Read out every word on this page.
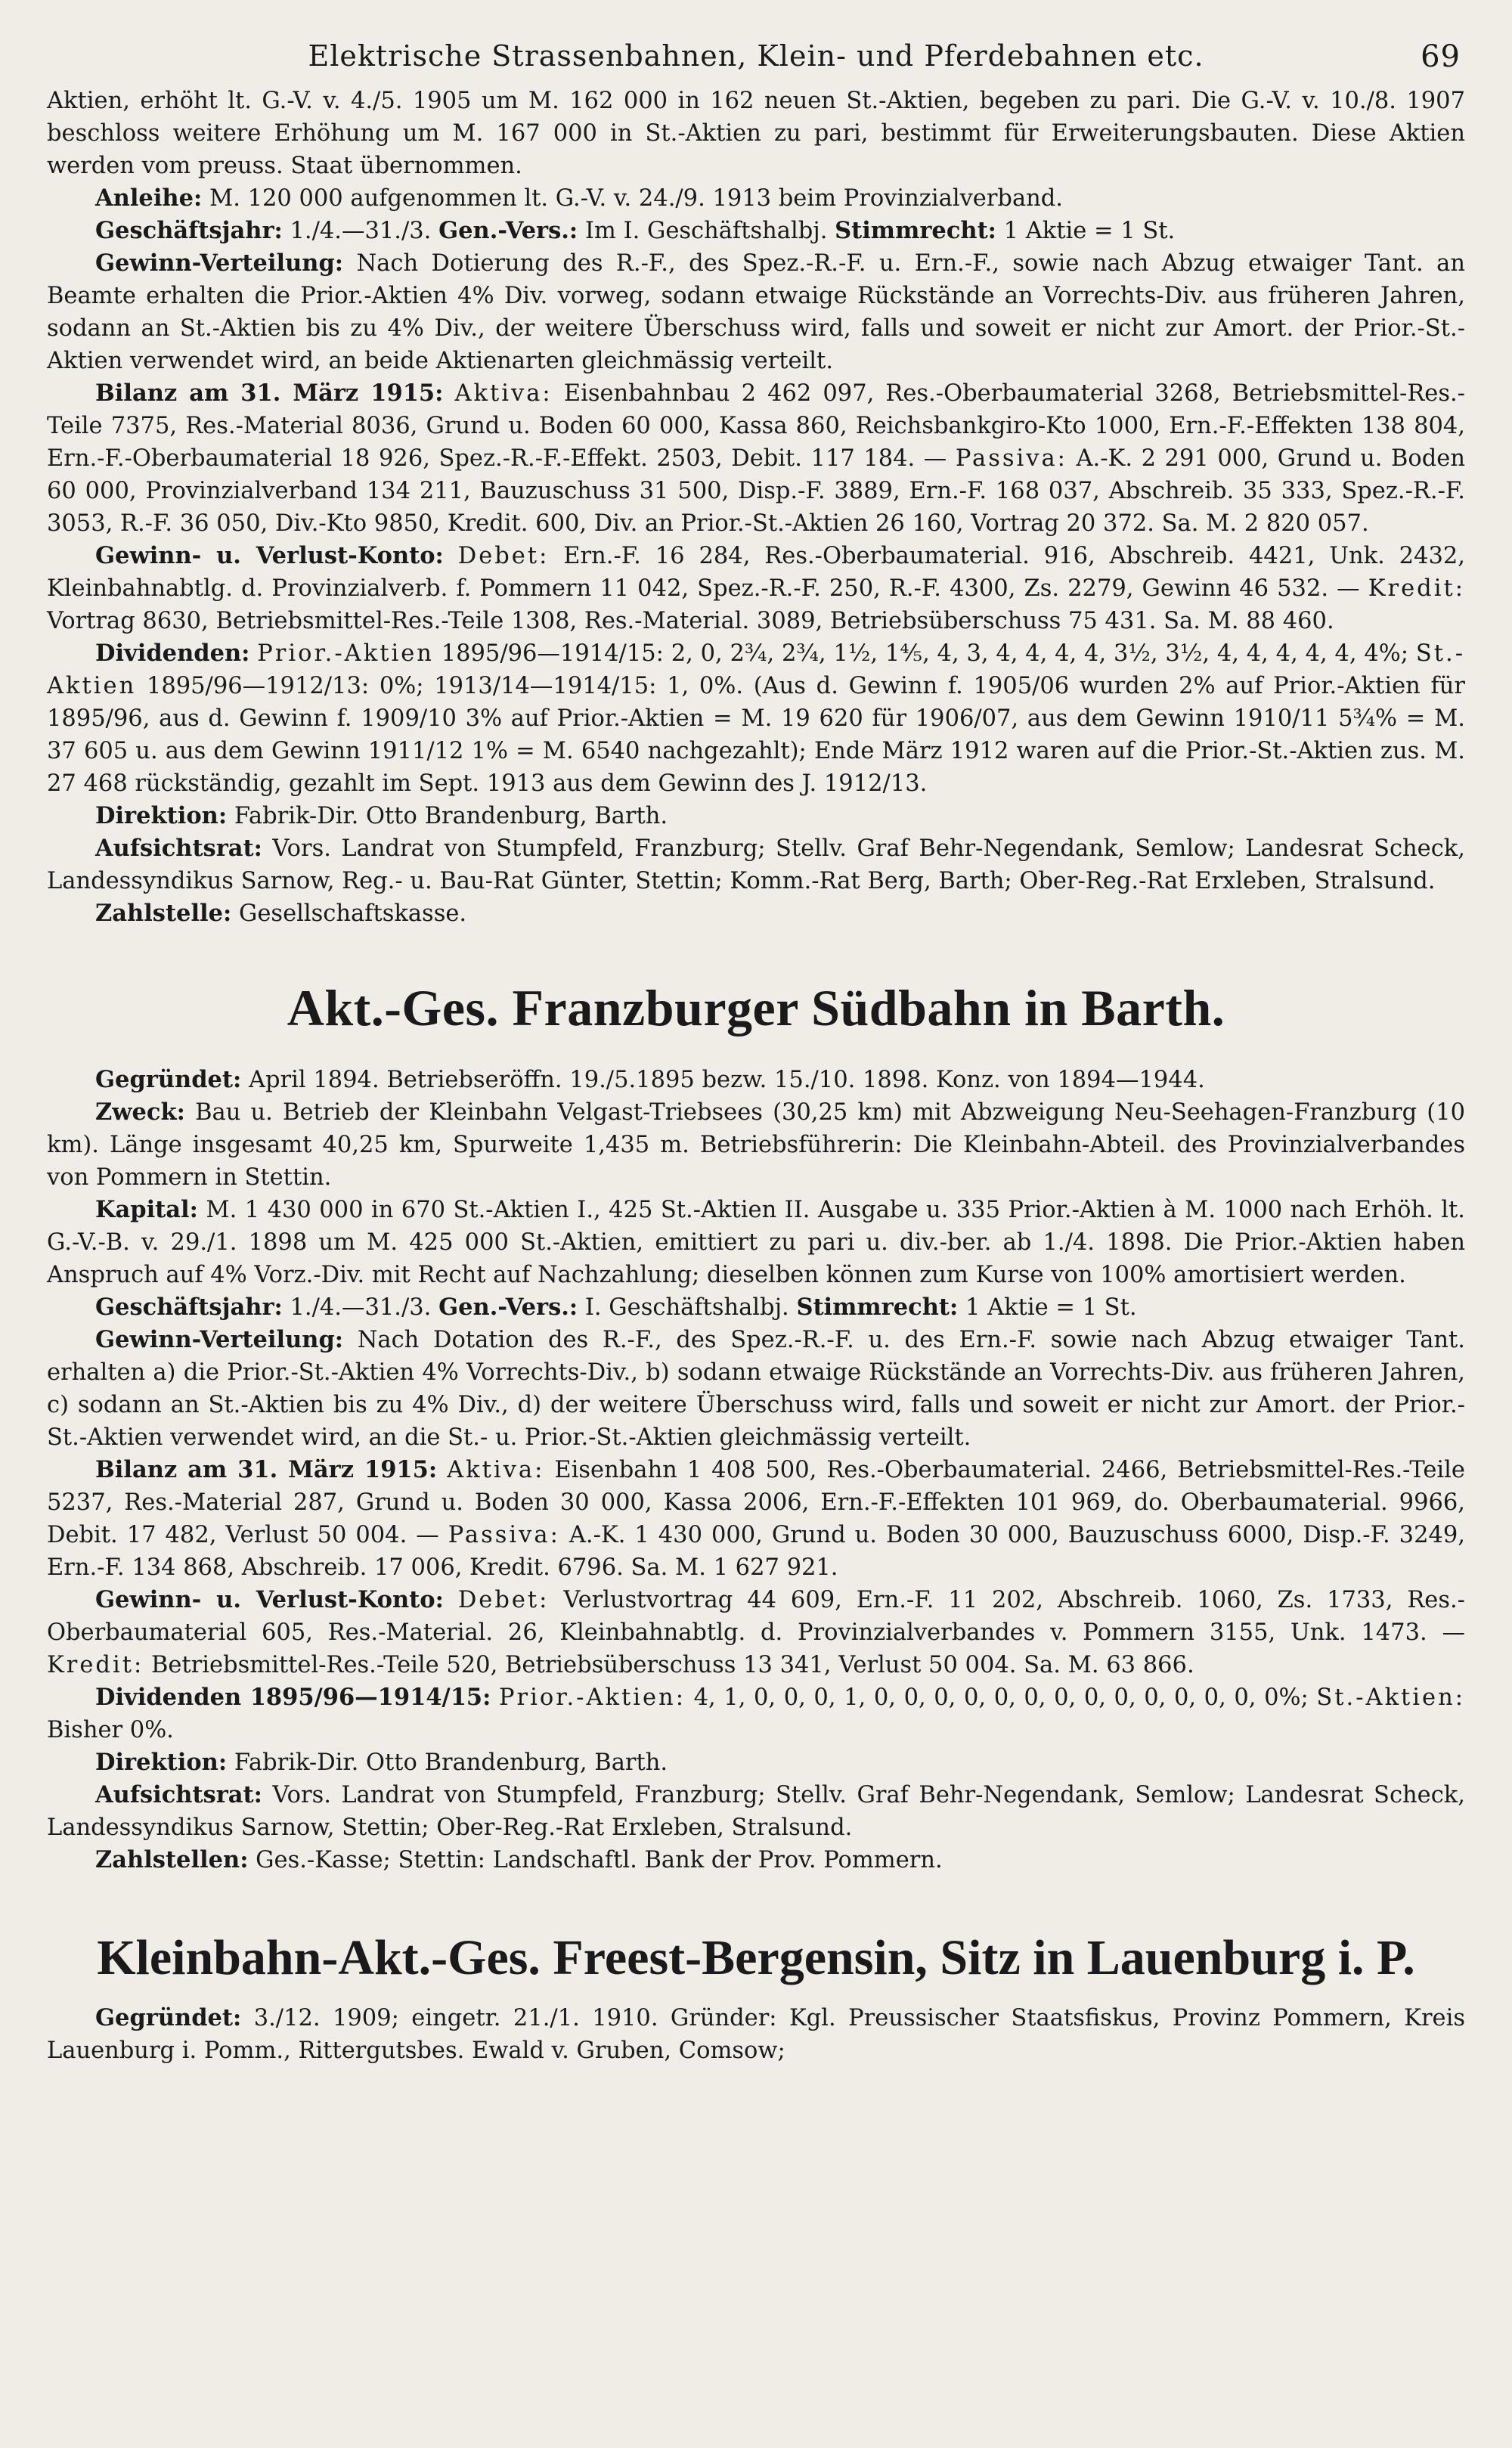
Elektrische Strassenbahnen, Klein- und Pferdebahnen etc.	69

Aktien, erhöht lt. G.-V. v. 4./5. 1905 um M. 162 000 in 162 neuen St.-Aktien, begeben zu pari. Die G.-V. v. 10./8. 1907 beschloss weitere Erhöhung um M. 167 000 in St.-Aktien zu pari, bestimmt für Erweiterungsbauten. Diese Aktien werden vom preuss. Staat übernommen.

Anleihe: M. 120 000 aufgenommen lt. G.-V. v. 24./9. 1913 beim Provinzialverband.

Geschäftsjahr: 1./4.—31./3. Gen.-Vers.: Im I. Geschäftshalbj. Stimmrecht: 1 Aktie = 1 St.

Gewinn-Verteilung: Nach Dotierung des R.-F., des Spez.-R.-F. u. Ern.-F., sowie nach Abzug etwaiger Tant. an Beamte erhalten die Prior.-Aktien 4% Div. vorweg, sodann etwaige Rückstände an Vorrechts-Div. aus früheren Jahren, sodann an St.-Aktien bis zu 4% Div., der weitere Überschuss wird, falls und soweit er nicht zur Amort. der Prior.-St.-Aktien verwendet wird, an beide Aktienarten gleichmässig verteilt.

Bilanz am 31. März 1915: Aktiva: Eisenbahnbau 2 462 097, Res.-Oberbaumaterial 3268, Betriebsmittel-Res.-Teile 7375, Res.-Material 8036, Grund u. Boden 60 000, Kassa 860, Reichsbankgiro-Kto 1000, Ern.-F.-Effekten 138 804, Ern.-F.-Oberbaumaterial 18 926, Spez.-R.-F.-Effekt. 2503, Debit. 117 184. — Passiva: A.-K. 2 291 000, Grund u. Boden 60 000, Provinzialverband 134 211, Bauzuschuss 31 500, Disp.-F. 3889, Ern.-F. 168 037, Abschreib. 35 333, Spez.-R.-F. 3053, R.-F. 36 050, Div.-Kto 9850, Kredit. 600, Div. an Prior.-St.-Aktien 26 160, Vortrag 20 372. Sa. M. 2 820 057.

Gewinn- u. Verlust-Konto: Debet: Ern.-F. 16 284, Res.-Oberbaumaterial. 916, Abschreib. 4421, Unk. 2432, Kleinbahnabtlg. d. Provinzialverb. f. Pommern 11 042, Spez.-R.-F. 250, R.-F. 4300, Zs. 2279, Gewinn 46 532. — Kredit: Vortrag 8630, Betriebsmittel-Res.-Teile 1308, Res.-Material. 3089, Betriebsüberschuss 75 431. Sa. M. 88 460.

Dividenden: Prior.-Aktien 1895/96—1914/15: 2, 0, 2¾, 2¾, 1½, 1⅘, 4, 3, 4, 4, 4, 4, 3½, 3½, 4, 4, 4, 4, 4, 4%; St.-Aktien 1895/96—1912/13: 0%; 1913/14—1914/15: 1, 0%. (Aus d. Gewinn f. 1905/06 wurden 2% auf Prior.-Aktien für 1895/96, aus d. Gewinn f. 1909/10 3% auf Prior.-Aktien = M. 19 620 für 1906/07, aus dem Gewinn 1910/11 5¾% = M. 37 605 u. aus dem Gewinn 1911/12 1% = M. 6540 nachgezahlt); Ende März 1912 waren auf die Prior.-St.-Aktien zus. M. 27 468 rückständig, gezahlt im Sept. 1913 aus dem Gewinn des J. 1912/13.

Direktion: Fabrik-Dir. Otto Brandenburg, Barth.

Aufsichtsrat: Vors. Landrat von Stumpfeld, Franzburg; Stellv. Graf Behr-Negendank, Semlow; Landesrat Scheck, Landessyndikus Sarnow, Reg.- u. Bau-Rat Günter, Stettin; Komm.-Rat Berg, Barth; Ober-Reg.-Rat Erxleben, Stralsund.

Zahlstelle: Gesellschaftskasse.

Akt.-Ges. Franzburger Südbahn in Barth.

Gegründet: April 1894. Betriebseröffn. 19./5.1895 bezw. 15./10. 1898. Konz. von 1894—1944.

Zweck: Bau u. Betrieb der Kleinbahn Velgast-Triebsees (30,25 km) mit Abzweigung Neu-Seehagen-Franzburg (10 km). Länge insgesamt 40,25 km, Spurweite 1,435 m. Betriebsführerin: Die Kleinbahn-Abteil. des Provinzialverbandes von Pommern in Stettin.

Kapital: M. 1 430 000 in 670 St.-Aktien I., 425 St.-Aktien II. Ausgabe u. 335 Prior.-Aktien à M. 1000 nach Erhöh. lt. G.-V.-B. v. 29./1. 1898 um M. 425 000 St.-Aktien, emittiert zu pari u. div.-ber. ab 1./4. 1898. Die Prior.-Aktien haben Anspruch auf 4% Vorz.-Div. mit Recht auf Nachzahlung; dieselben können zum Kurse von 100% amortisiert werden.

Geschäftsjahr: 1./4.—31./3. Gen.-Vers.: I. Geschäftshalbj. Stimmrecht: 1 Aktie = 1 St.

Gewinn-Verteilung: Nach Dotation des R.-F., des Spez.-R.-F. u. des Ern.-F. sowie nach Abzug etwaiger Tant. erhalten a) die Prior.-St.-Aktien 4% Vorrechts-Div., b) sodann etwaige Rückstände an Vorrechts-Div. aus früheren Jahren, c) sodann an St.-Aktien bis zu 4% Div., d) der weitere Überschuss wird, falls und soweit er nicht zur Amort. der Prior.-St.-Aktien verwendet wird, an die St.- u. Prior.-St.-Aktien gleichmässig verteilt.

Bilanz am 31. März 1915: Aktiva: Eisenbahn 1 408 500, Res.-Oberbaumaterial. 2466, Betriebsmittel-Res.-Teile 5237, Res.-Material 287, Grund u. Boden 30 000, Kassa 2006, Ern.-F.-Effekten 101 969, do. Oberbaumaterial. 9966, Debit. 17 482, Verlust 50 004. — Passiva: A.-K. 1 430 000, Grund u. Boden 30 000, Bauzuschuss 6000, Disp.-F. 3249, Ern.-F. 134 868, Abschreib. 17 006, Kredit. 6796. Sa. M. 1 627 921.

Gewinn- u. Verlust-Konto: Debet: Verlustvortrag 44 609, Ern.-F. 11 202, Abschreib. 1060, Zs. 1733, Res.-Oberbaumaterial 605, Res.-Material. 26, Kleinbahnabtlg. d. Provinzialverbandes v. Pommern 3155, Unk. 1473. — Kredit: Betriebsmittel-Res.-Teile 520, Betriebsüberschuss 13 341, Verlust 50 004. Sa. M. 63 866.

Dividenden 1895/96—1914/15: Prior.-Aktien: 4, 1, 0, 0, 0, 1, 0, 0, 0, 0, 0, 0, 0, 0, 0, 0, 0, 0, 0, 0%; St.-Aktien: Bisher 0%.

Direktion: Fabrik-Dir. Otto Brandenburg, Barth.

Aufsichtsrat: Vors. Landrat von Stumpfeld, Franzburg; Stellv. Graf Behr-Negendank, Semlow; Landesrat Scheck, Landessyndikus Sarnow, Stettin; Ober-Reg.-Rat Erxleben, Stralsund.

Zahlstellen: Ges.-Kasse; Stettin: Landschaftl. Bank der Prov. Pommern.

Kleinbahn-Akt.-Ges. Freest-Bergensin, Sitz in Lauenburg i. P.

Gegründet: 3./12. 1909; eingetr. 21./1. 1910. Gründer: Kgl. Preussischer Staatsfiskus, Provinz Pommern, Kreis Lauenburg i. Pomm., Rittergutsbes. Ewald v. Gruben, Comsow;
